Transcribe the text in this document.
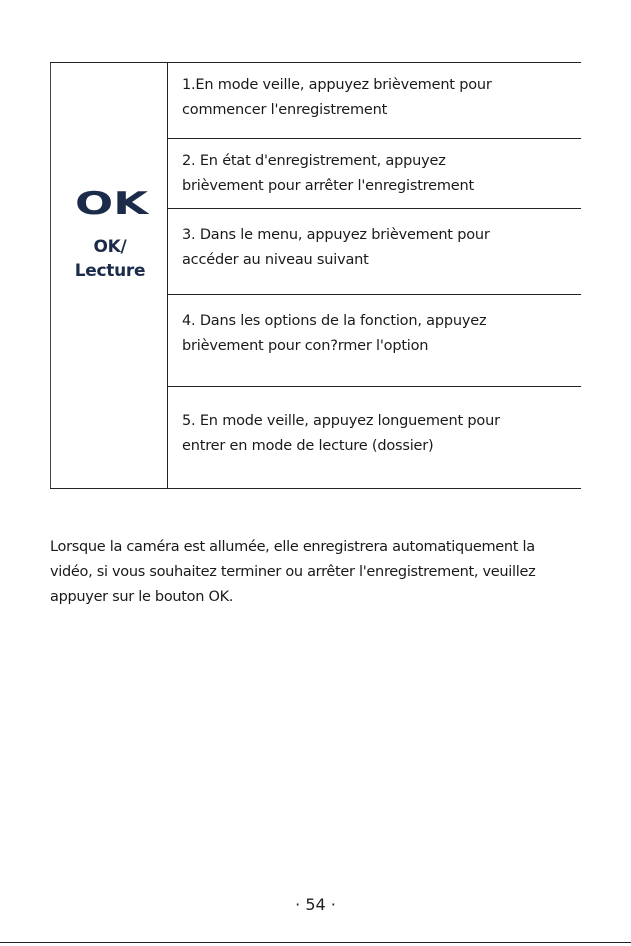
OK
OK/
Lecture
1.En mode veille, appuyez brièvement pour
commencer l'enregistrement
2. En état d'enregistrement, appuyez
brièvement pour arrêter l'enregistrement
3. Dans le menu, appuyez brièvement pour
accéder au niveau suivant
4. Dans les options de la fonction, appuyez
brièvement pour con?rmer l'option
5. En mode veille, appuyez longuement pour
entrer en mode de lecture (dossier)
Lorsque la caméra est allumée, elle enregistrera automatiquement la
vidéo, si vous souhaitez terminer ou arrêter l'enregistrement, veuillez
appuyer sur le bouton OK.
· 54 ·
